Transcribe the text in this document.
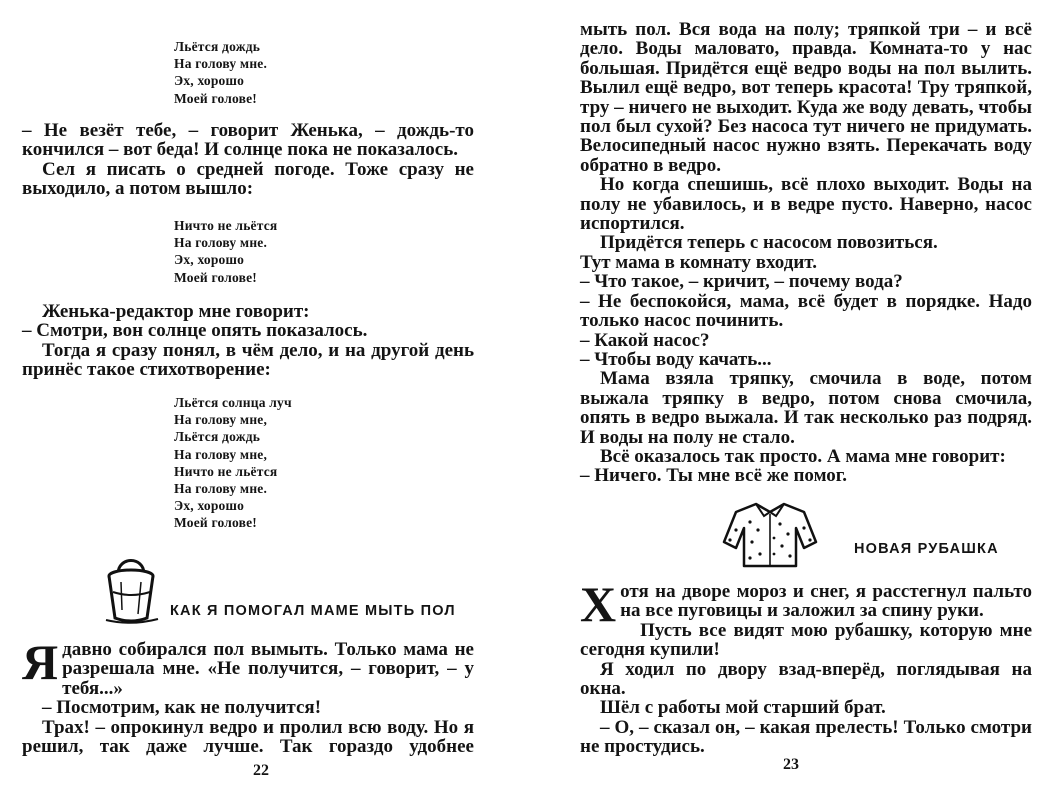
Льётся дождь
На голову мне.
Эх, хорошо
Моей голове!

– Не везёт тебе, – говорит Женька, – дождь-то кончился – вот беда! И солнце пока не показалось.

Сел я писать о средней погоде. Тоже сразу не выходило, а потом вышло:

Ничто не льётся
На голову мне.
Эх, хорошо
Моей голове!

Женька-редактор мне говорит:

– Смотри, вон солнце опять показалось.

Тогда я сразу понял, в чём дело, и на другой день принёс такое стихотворение:

Льётся солнца луч
На голову мне,
Льётся дождь
На голову мне,
Ничто не льётся
На голову мне.
Эх, хорошо
Моей голове!
КАК Я ПОМОГАЛ МАМЕ МЫТЬ ПОЛ

Ядавно собирался пол вымыть. Только мама не разрешала мне. «Не получится, – говорит, – у тебя...»

– Посмотрим, как не получится!

Трах! – опрокинул ведро и пролил всю воду. Но я решил, так даже лучше. Так гораздо удобнее

22

мыть пол. Вся вода на полу; тряпкой три – и всё дело. Воды маловато, правда. Комната-то у нас большая. Придётся ещё ведро воды на пол вылить. Вылил ещё ведро, вот теперь красота! Тру тряпкой, тру – ничего не выходит. Куда же воду девать, чтобы пол был сухой? Без насоса тут ничего не придумать. Велосипедный насос нужно взять. Перекачать воду обратно в ведро.

Но когда спешишь, всё плохо выходит. Воды на полу не убавилось, и в ведре пусто. Наверно, насос испортился.

Придётся теперь с насосом повозиться.

Тут мама в комнату входит.

– Что такое, – кричит, – почему вода?

– Не беспокойся, мама, всё будет в порядке. Надо только насос починить.

– Какой насос?

– Чтобы воду качать...

Мама взяла тряпку, смочила в воде, потом выжала тряпку в ведро, потом снова смочила, опять в ведро выжала. И так несколько раз подряд. И воды на полу не стало.

Всё оказалось так просто. А мама мне говорит:

– Ничего. Ты мне всё же помог.

НОВАЯ РУБАШКА

Хотя на дворе мороз и снег, я расстегнул пальто на все пуговицы и заложил за спину руки.

Пусть все видят мою рубашку, которую мне сегодня купили!

Я ходил по двору взад-вперёд, поглядывая на окна.

Шёл с работы мой старший брат.

– О, – сказал он, – какая прелесть! Только смотри не простудись.

23
